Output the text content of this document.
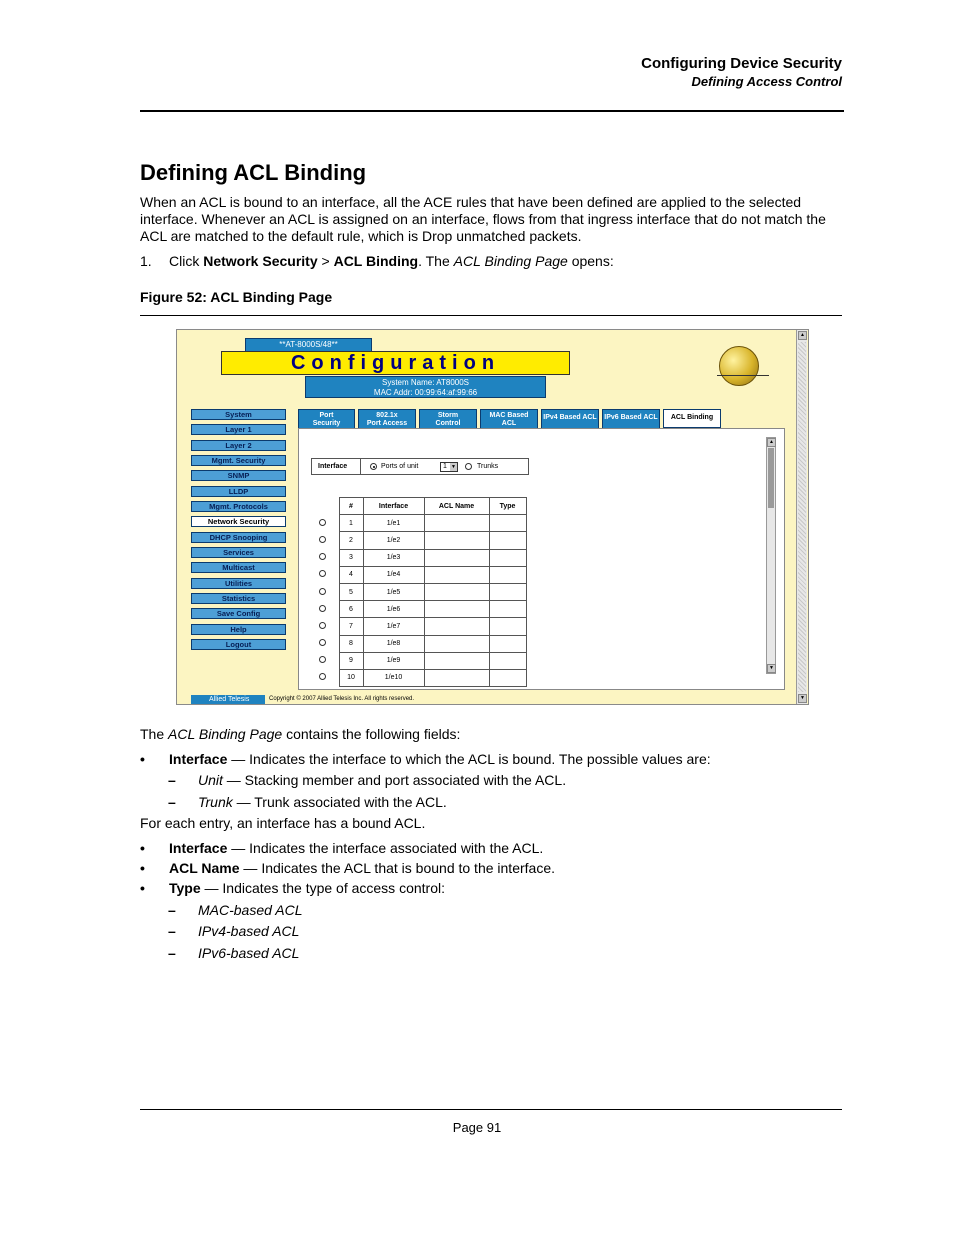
Configuring Device Security
Defining Access Control
Defining ACL Binding
When an ACL is bound to an interface, all the ACE rules that have been defined are applied to the selected interface. Whenever an ACL is assigned on an interface, flows from that ingress interface that do not match the ACL are matched to the default rule, which is Drop unmatched packets.
1. Click Network Security > ACL Binding. The ACL Binding Page opens:
Figure 52: ACL Binding Page
**AT-8000S/48**
Configuration
System Name: AT8000S
MAC Addr: 00:99:64:af:99:66
System
Layer 1
Layer 2
Mgmt. Security
SNMP
LLDP
Mgmt. Protocols
Network Security
DHCP Snooping
Services
Multicast
Utilities
Statistics
Save Config
Help
Logout
Port
Security
802.1x
Port Access
Storm
Control
MAC Based
ACL
IPv4 Based ACL	IPv6 Based ACL	ACL Binding
Interface	Ports of unit	1 ▼	Trunks
	#	Interface	ACL Name	Type
	1	1/e1		
	2	1/e2		
	3	1/e3		
	4	1/e4		
	5	1/e5		
	6	1/e6		
	7	1/e7		
	8	1/e8		
	9	1/e9		
	10	1/e10		
▲
▼
Allied Telesis	Copyright © 2007 Allied Telesis Inc. All rights reserved.
▲
▼
The ACL Binding Page contains the following fields:
• Interface — Indicates the interface to which the ACL is bound. The possible values are:
– Unit — Stacking member and port associated with the ACL.
– Trunk — Trunk associated with the ACL.
For each entry, an interface has a bound ACL.
• Interface — Indicates the interface associated with the ACL.
• ACL Name — Indicates the ACL that is bound to the interface.
• Type — Indicates the type of access control:
– MAC-based ACL
– IPv4-based ACL
– IPv6-based ACL
Page 91
